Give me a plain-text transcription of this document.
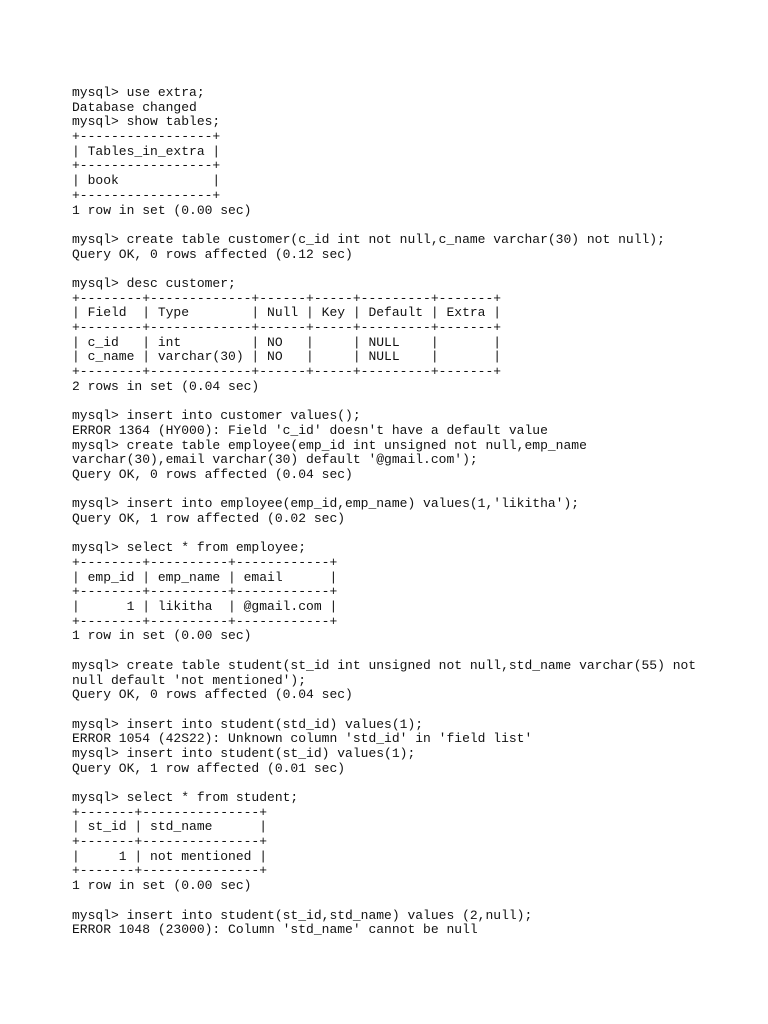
mysql> use extra;
Database changed
mysql> show tables;
+-----------------+
| Tables_in_extra |
+-----------------+
| book            |
+-----------------+
1 row in set (0.00 sec)
mysql> create table customer(c_id int not null,c_name varchar(30) not null);
Query OK, 0 rows affected (0.12 sec)
mysql> desc customer;
+--------+-------------+------+-----+---------+-------+
| Field  | Type        | Null | Key | Default | Extra |
+--------+-------------+------+-----+---------+-------+
| c_id   | int         | NO   |     | NULL    |       |
| c_name | varchar(30) | NO   |     | NULL    |       |
+--------+-------------+------+-----+---------+-------+
2 rows in set (0.04 sec)
mysql> insert into customer values();
ERROR 1364 (HY000): Field 'c_id' doesn't have a default value
mysql> create table employee(emp_id int unsigned not null,emp_name
varchar(30),email varchar(30) default '@gmail.com');
Query OK, 0 rows affected (0.04 sec)
mysql> insert into employee(emp_id,emp_name) values(1,'likitha');
Query OK, 1 row affected (0.02 sec)
mysql> select * from employee;
+--------+----------+------------+
| emp_id | emp_name | email      |
+--------+----------+------------+
|      1 | likitha  | @gmail.com |
+--------+----------+------------+
1 row in set (0.00 sec)
mysql> create table student(st_id int unsigned not null,std_name varchar(55) not
null default 'not mentioned');
Query OK, 0 rows affected (0.04 sec)
mysql> insert into student(std_id) values(1);
ERROR 1054 (42S22): Unknown column 'std_id' in 'field list'
mysql> insert into student(st_id) values(1);
Query OK, 1 row affected (0.01 sec)
mysql> select * from student;
+-------+---------------+
| st_id | std_name      |
+-------+---------------+
|     1 | not mentioned |
+-------+---------------+
1 row in set (0.00 sec)
mysql> insert into student(st_id,std_name) values (2,null);
ERROR 1048 (23000): Column 'std_name' cannot be null
